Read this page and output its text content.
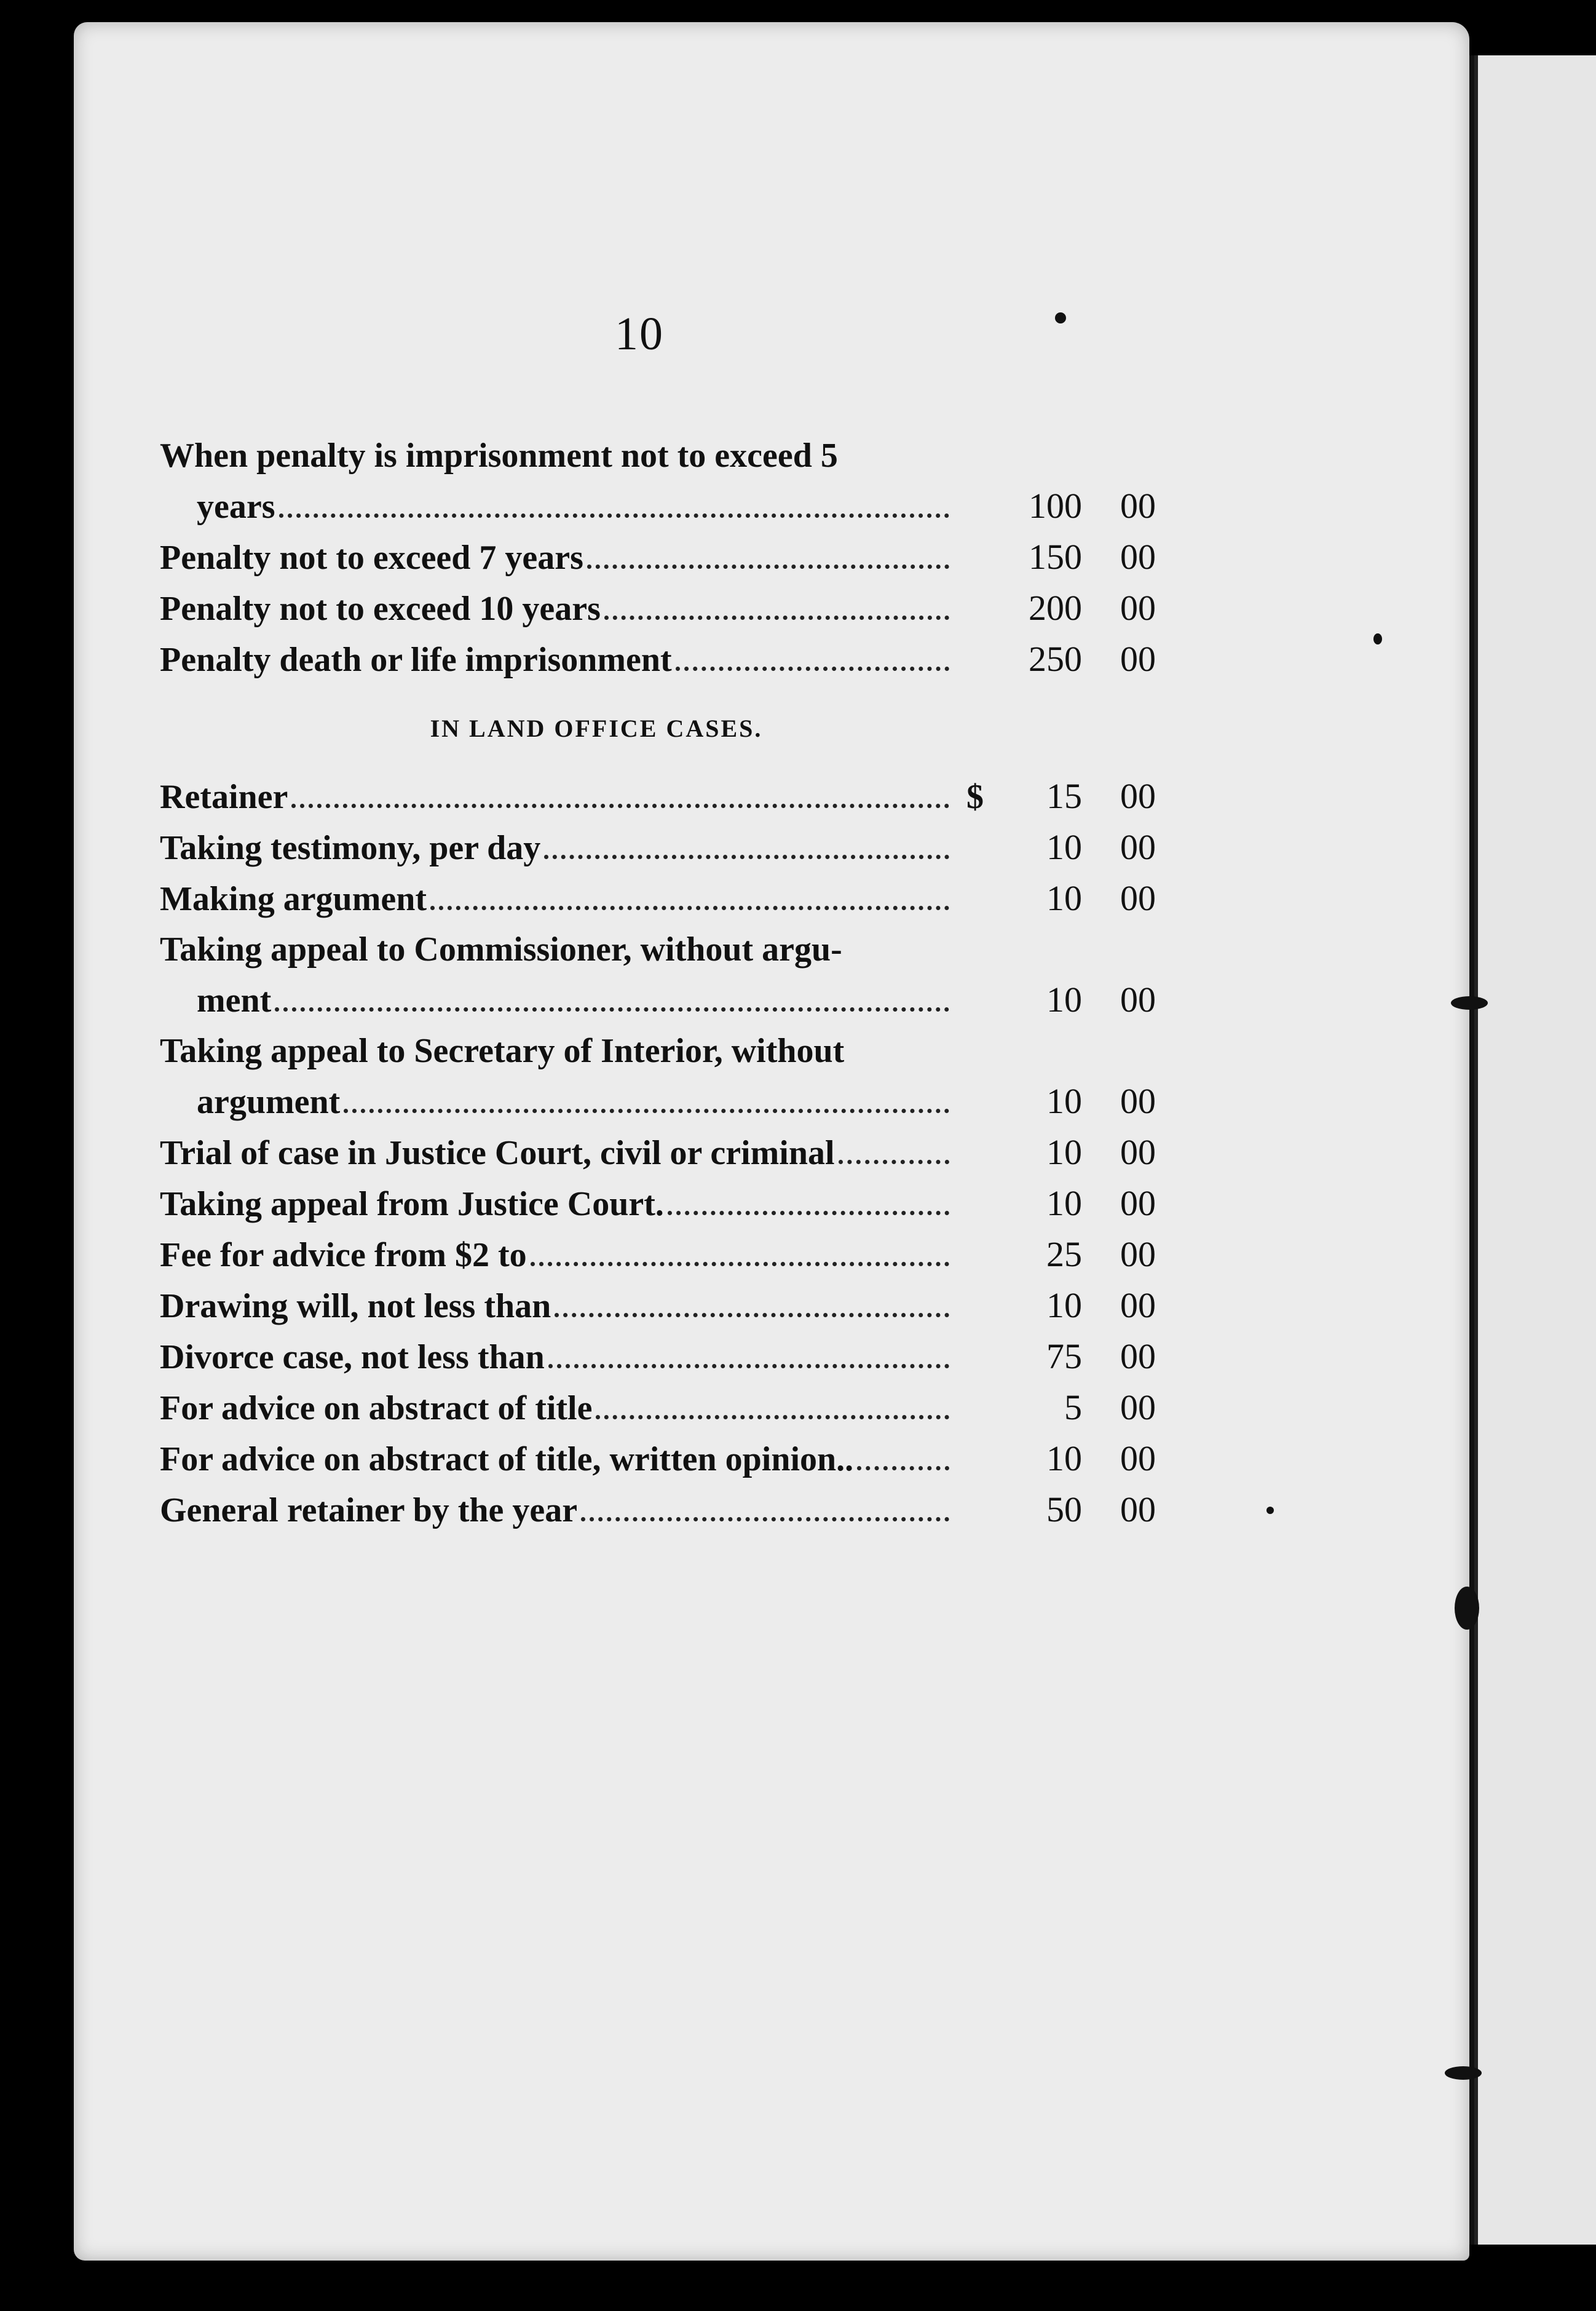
10
When penalty is imprisonment not to exceed 5
years	100	00
Penalty not to exceed 7 years	150	00
Penalty not to exceed 10 years	200	00
Penalty death or life imprisonment	250	00
IN LAND OFFICE CASES.
Retainer	$	15	00
Taking testimony, per day	10	00
Making argument	10	00
Taking appeal to Commissioner, without argu-
ment	10	00
Taking appeal to Secretary of Interior, without
argument	10	00
Trial of case in Justice Court, civil or criminal	10	00
Taking appeal from Justice Court.	10	00
Fee for advice from $2 to	25	00
Drawing will, not less than	10	00
Divorce case, not less than	75	00
For advice on abstract of title	5	00
For advice on abstract of title, written opinion..	10	00
General retainer by the year	50	00
